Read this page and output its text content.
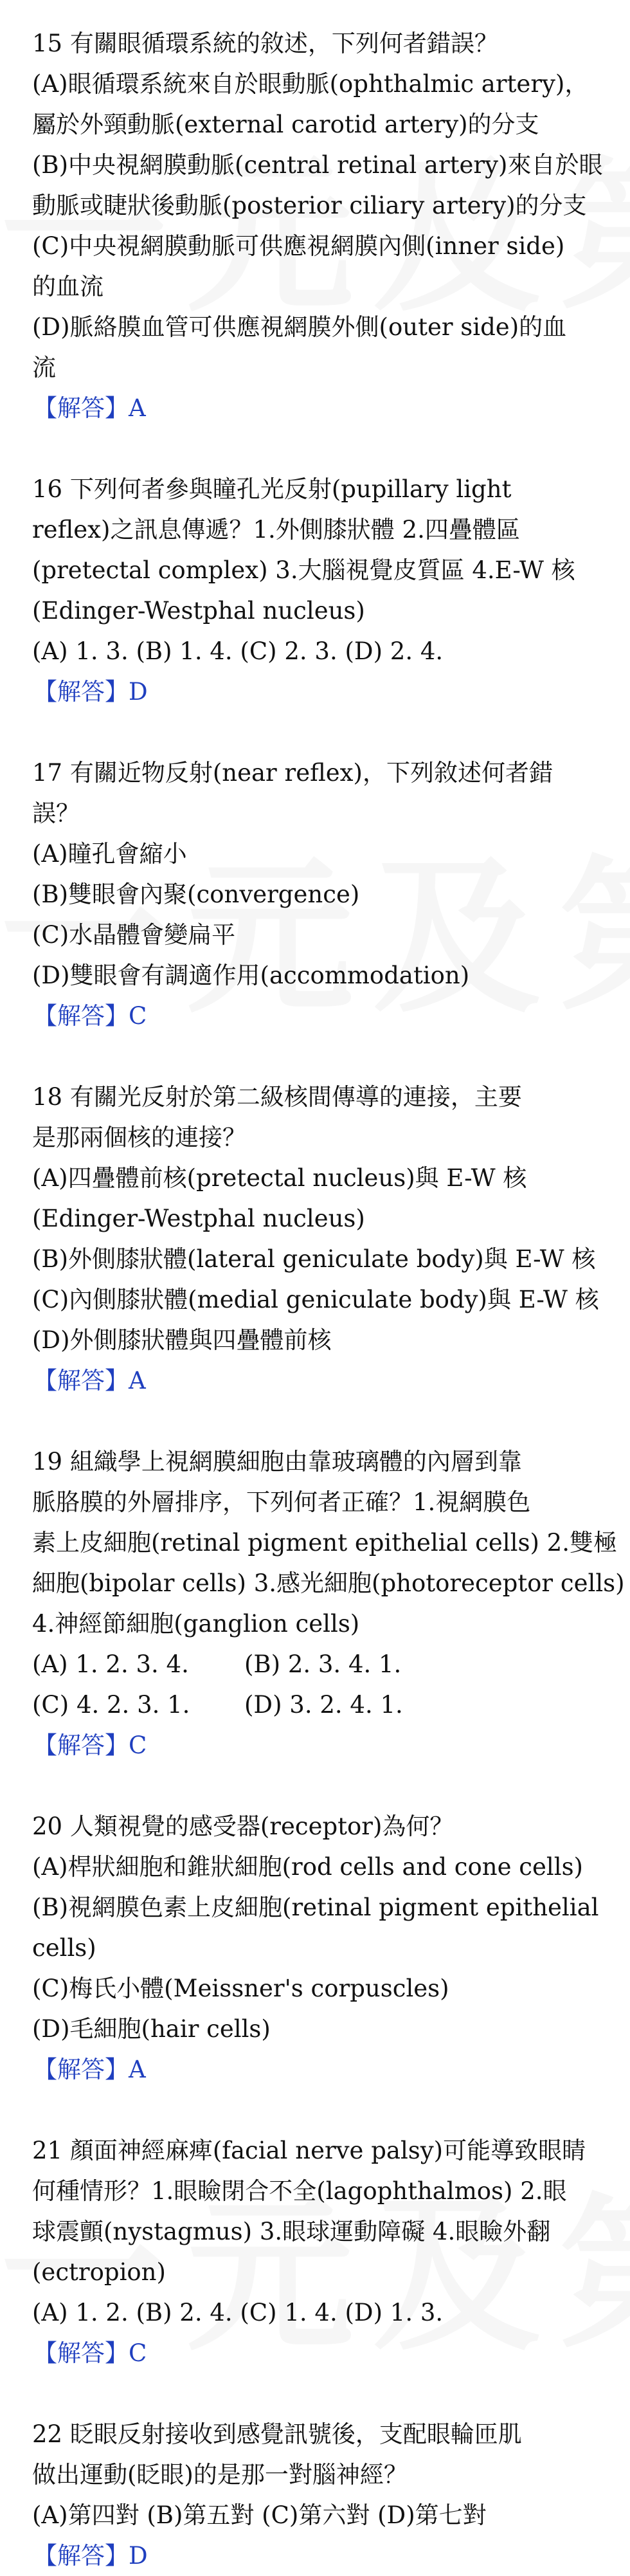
15 有關眼循環系統的敘述，下列何者錯誤？
(A)眼循環系統來自於眼動脈(ophthalmic artery)，
屬於外頸動脈(external carotid artery)的分支
(B)中央視網膜動脈(central retinal artery)來自於眼
動脈或睫狀後動脈(posterior ciliary artery)的分支
(C)中央視網膜動脈可供應視網膜內側(inner side)
的血流
(D)脈絡膜血管可供應視網膜外側(outer side)的血
流
【解答】A
16 下列何者參與瞳孔光反射(pupillary light
reflex)之訊息傳遞？1.外側膝狀體 2.四疊體區
(pretectal complex) 3.大腦視覺皮質區 4.E-W 核
(Edinger-Westphal nucleus)
(A) 1. 3. (B) 1. 4. (C) 2. 3. (D) 2. 4.
【解答】D
17 有關近物反射(near reflex)，下列敘述何者錯
誤？
(A)瞳孔會縮小
(B)雙眼會內聚(convergence)
(C)水晶體會變扁平
(D)雙眼會有調適作用(accommodation)
【解答】C
18 有關光反射於第二級核間傳導的連接，主要
是那兩個核的連接？
(A)四疊體前核(pretectal nucleus)與 E-W 核
(Edinger-Westphal nucleus)
(B)外側膝狀體(lateral geniculate body)與 E-W 核
(C)內側膝狀體(medial geniculate body)與 E-W 核
(D)外側膝狀體與四疊體前核
【解答】A
19 組織學上視網膜細胞由靠玻璃體的內層到靠
脈胳膜的外層排序，下列何者正確？1.視網膜色
素上皮細胞(retinal pigment epithelial cells) 2.雙極
細胞(bipolar cells) 3.感光細胞(photoreceptor cells)
4.神經節細胞(ganglion cells)
(A) 1. 2. 3. 4. (B) 2. 3. 4. 1.
(C) 4. 2. 3. 1. (D) 3. 2. 4. 1.
【解答】C
20 人類視覺的感受器(receptor)為何？
(A)桿狀細胞和錐狀細胞(rod cells and cone cells)
(B)視網膜色素上皮細胞(retinal pigment epithelial
cells)
(C)梅氏小體(Meissner's corpuscles)
(D)毛細胞(hair cells)
【解答】A
21 顏面神經麻痺(facial nerve palsy)可能導致眼睛
何種情形？1.眼瞼閉合不全(lagophthalmos) 2.眼
球震顫(nystagmus) 3.眼球運動障礙 4.眼瞼外翻
(ectropion)
(A) 1. 2. (B) 2. 4. (C) 1. 4. (D) 1. 3.
【解答】C
22 眨眼反射接收到感覺訊號後，支配眼輪匝肌
做出運動(眨眼)的是那一對腦神經？
(A)第四對 (B)第五對 (C)第六對 (D)第七對
【解答】D
